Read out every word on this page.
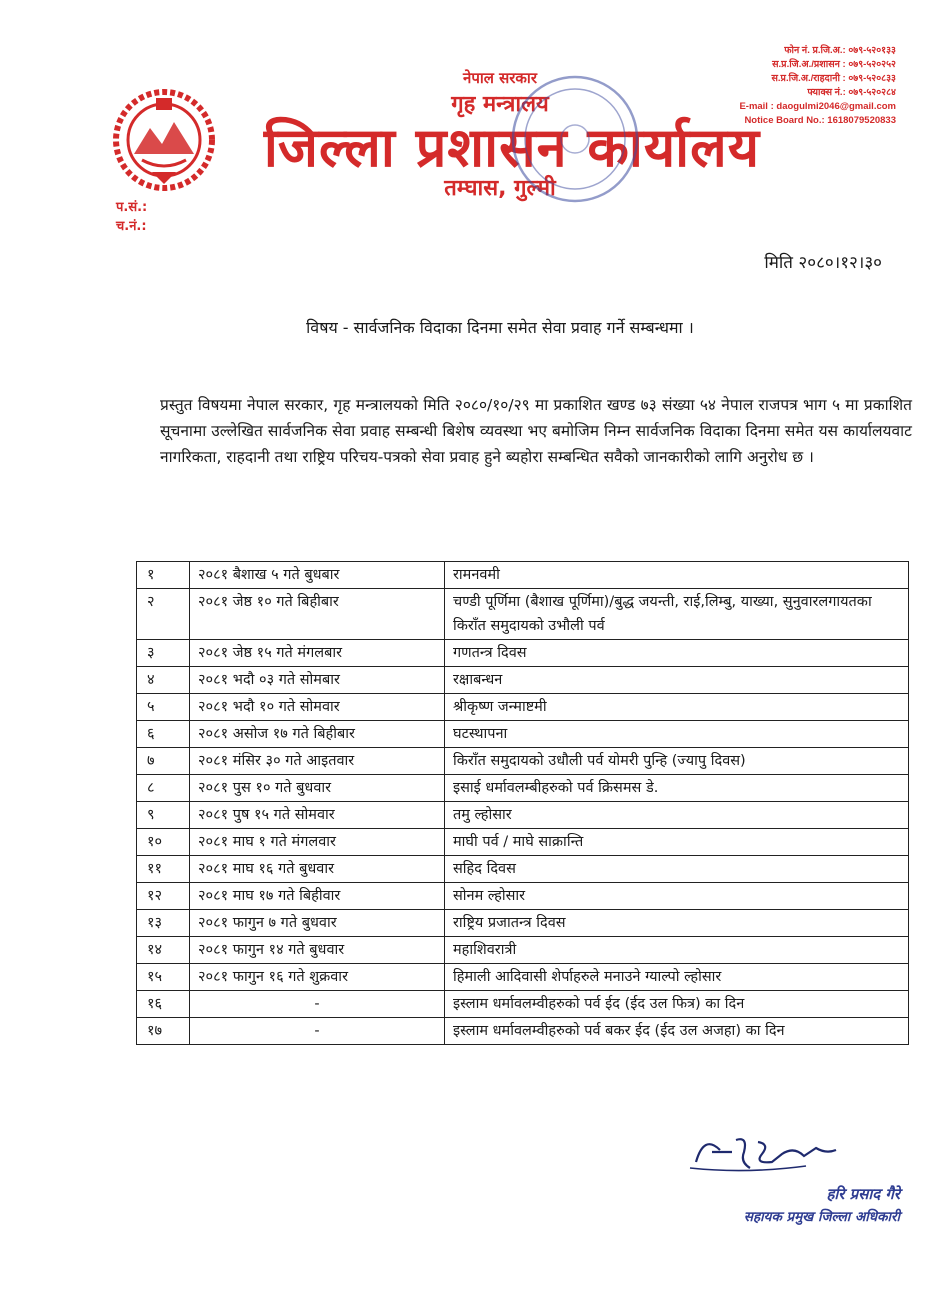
नेपाल सरकार
गृह मन्त्रालय
जिल्ला प्रशासन कार्यालय
तम्घास, गुल्मी
फोन नं. प्र.जि.अ.: ०७९-५२०१३३
स.प्र.जि.अ./प्रशासन : ०७९-५२०२५२
स.प्र.जि.अ./राहदानी : ०७९-५२०८३३
फ्याक्स नं.: ०७९-५२०२८४
E-mail : daogulmi2046@gmail.com
Notice Board No.: 1618079520833
प.सं.:
च.नं.:
मिति २०८०।१२।३०
विषय - सार्वजनिक विदाका दिनमा समेत सेवा प्रवाह गर्ने सम्बन्धमा ।
प्रस्तुत विषयमा नेपाल सरकार, गृह मन्त्रालयको मिति २०८०/१०/२९ मा प्रकाशित खण्ड ७३ संख्या ५४ नेपाल राजपत्र भाग ५ मा प्रकाशित सूचनामा उल्लेखित सार्वजनिक सेवा प्रवाह सम्बन्धी बिशेष व्यवस्था भए बमोजिम निम्न सार्वजनिक विदाका दिनमा समेत यस कार्यालयवाट नागरिकता, राहदानी तथा राष्ट्रिय परिचय-पत्रको सेवा प्रवाह हुने ब्यहोरा सम्बन्धित सवैको जानकारीको लागि अनुरोध छ ।
१	२०८१ बैशाख ५ गते बुधबार	रामनवमी
२	२०८१ जेष्ठ १० गते बिहीबार	चण्डी पूर्णिमा (बैशाख पूर्णिमा)/बुद्ध जयन्ती, राई,लिम्बु, याख्या, सुनुवारलगायतका किराँत समुदायको उभौली पर्व
३	२०८१ जेष्ठ १५ गते मंगलबार	गणतन्त्र दिवस
४	२०८१ भदौ ०३ गते सोमबार	रक्षाबन्धन
५	२०८१ भदौ १० गते सोमवार	श्रीकृष्ण जन्माष्टमी
६	२०८१ असोज १७ गते बिहीबार	घटस्थापना
७	२०८१ मंसिर ३० गते आइतवार	किराँत समुदायको उधौली पर्व योमरी पुन्हि (ज्यापु दिवस)
८	२०८१ पुस १० गते बुधवार	इसाई धर्मावलम्बीहरुको पर्व क्रिसमस डे.
९	२०८१ पुष १५ गते सोमवार	तमु ल्होसार
१०	२०८१ माघ १ गते मंगलवार	माघी पर्व / माघे साक्रान्ति
११	२०८१ माघ १६ गते बुधवार	सहिद दिवस
१२	२०८१ माघ १७ गते बिहीवार	सोनम ल्होसार
१३	२०८१ फागुन ७ गते बुधवार	राष्ट्रिय प्रजातन्त्र दिवस
१४	२०८१ फागुन १४ गते बुधवार	महाशिवरात्री
१५	२०८१ फागुन १६ गते शुक्रवार	हिमाली आदिवासी शेर्पाहरुले मनाउने ग्याल्पो ल्होसार
१६	-	इस्लाम धर्मावलम्वीहरुको पर्व ईद (ईद उल फित्र) का दिन
१७	-	इस्लाम धर्मावलम्वीहरुको पर्व बकर ईद (ईद उल अजहा) का दिन
हरि प्रसाद गैरे
सहायक प्रमुख जिल्ला अधिकारी
